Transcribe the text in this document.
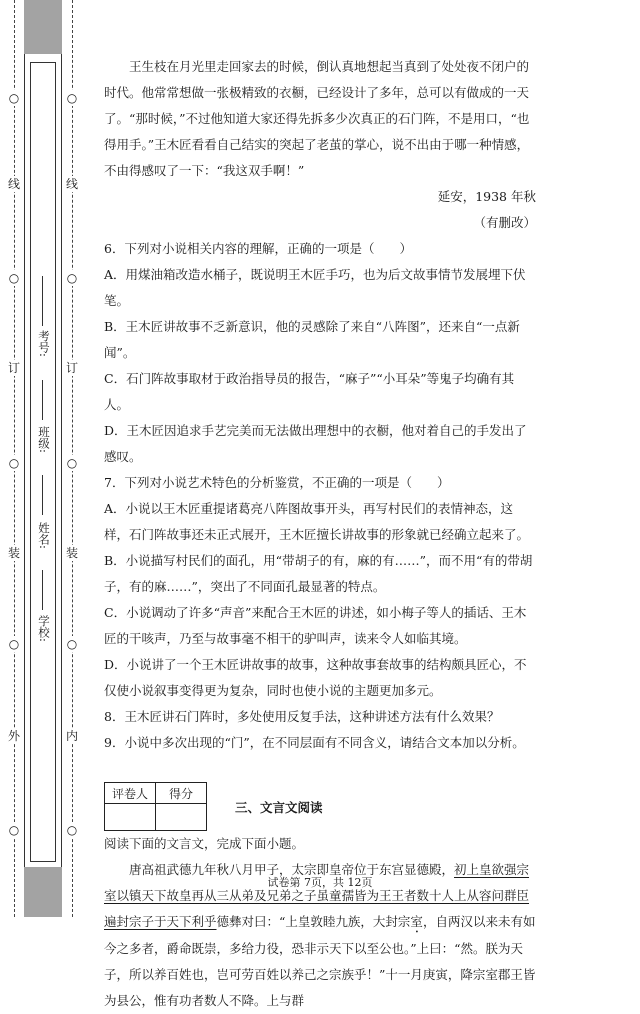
○
线
○
订
○
装
○
外
○
○
线
○
订
○
装
○
内
○
考号:
班级:
姓名:
学校:

王生枝在月光里走回家去的时候，倒认真地想起当真到了处处夜不闭户的时代。他常常想做一张极精致的衣橱，已经设计了多年，总可以有做成的一天了。“那时候，”不过他知道大家还得先拆多少次真正的石门阵，不是用口，“也得用手。”王木匠看看自己结实的突起了老茧的掌心，说不出由于哪一种情感，不由得感叹了一下：“我这双手啊！”

延安，1938 年秋

（有删改）

6．下列对小说相关内容的理解，正确的一项是（　　）

A．用煤油箱改造水桶子，既说明王木匠手巧，也为后文故事情节发展埋下伏笔。

B．王木匠讲故事不乏新意识，他的灵感除了来自“八阵图”，还来自“一点新闻”。

C．石门阵故事取材于政治指导员的报告，“麻子”“小耳朵”等鬼子均确有其人。

D．王木匠因追求手艺完美而无法做出理想中的衣橱，他对着自己的手发出了感叹。

7．下列对小说艺术特色的分析鉴赏，不正确的一项是（　　）

A．小说以王木匠重提诸葛亮八阵图故事开头，再写村民们的表情神态，这样，石门阵故事还未正式展开，王木匠擅长讲故事的形象就已经确立起来了。

B．小说描写村民们的面孔，用“带胡子的有，麻的有……”，而不用“有的带胡子，有的麻……”，突出了不同面孔最显著的特点。

C．小说调动了许多“声音”来配合王木匠的讲述，如小梅子等人的插话、王木匠的干咳声，乃至与故事毫不相干的驴叫声，读来令人如临其境。

D．小说讲了一个王木匠讲故事的故事，这种故事套故事的结构颇具匠心，不仅使小说叙事变得更为复杂，同时也使小说的主题更加多元。

8．王木匠讲石门阵时，多处使用反复手法，这种讲述方法有什么效果？

9．小说中多次出现的“门”，在不同层面有不同含义，请结合文本加以分析。

评卷人	得分

三、文言文阅读

阅读下面的文言文，完成下面小题。

唐高祖武德九年秋八月甲子，太宗即皇帝位于东宫显德殿，初上皇欲强宗室以镇天下故皇再从三从弟及兄弟之子虽童孺皆为王王者数十人上从容问群臣遍封宗子于天下利乎德彝对曰：“上皇敦睦九族，大封宗室，自两汉以来未有如今之多者，爵命既崇，多给力役，恐非示天下以至公也。”上曰：“然。朕为天子，所以养百姓也，岂可劳百姓以养己之宗族乎！”十一月庚寅，降宗室郡王皆为县公，惟有功者数人不降。上与群

试卷第 7页，共 12页
